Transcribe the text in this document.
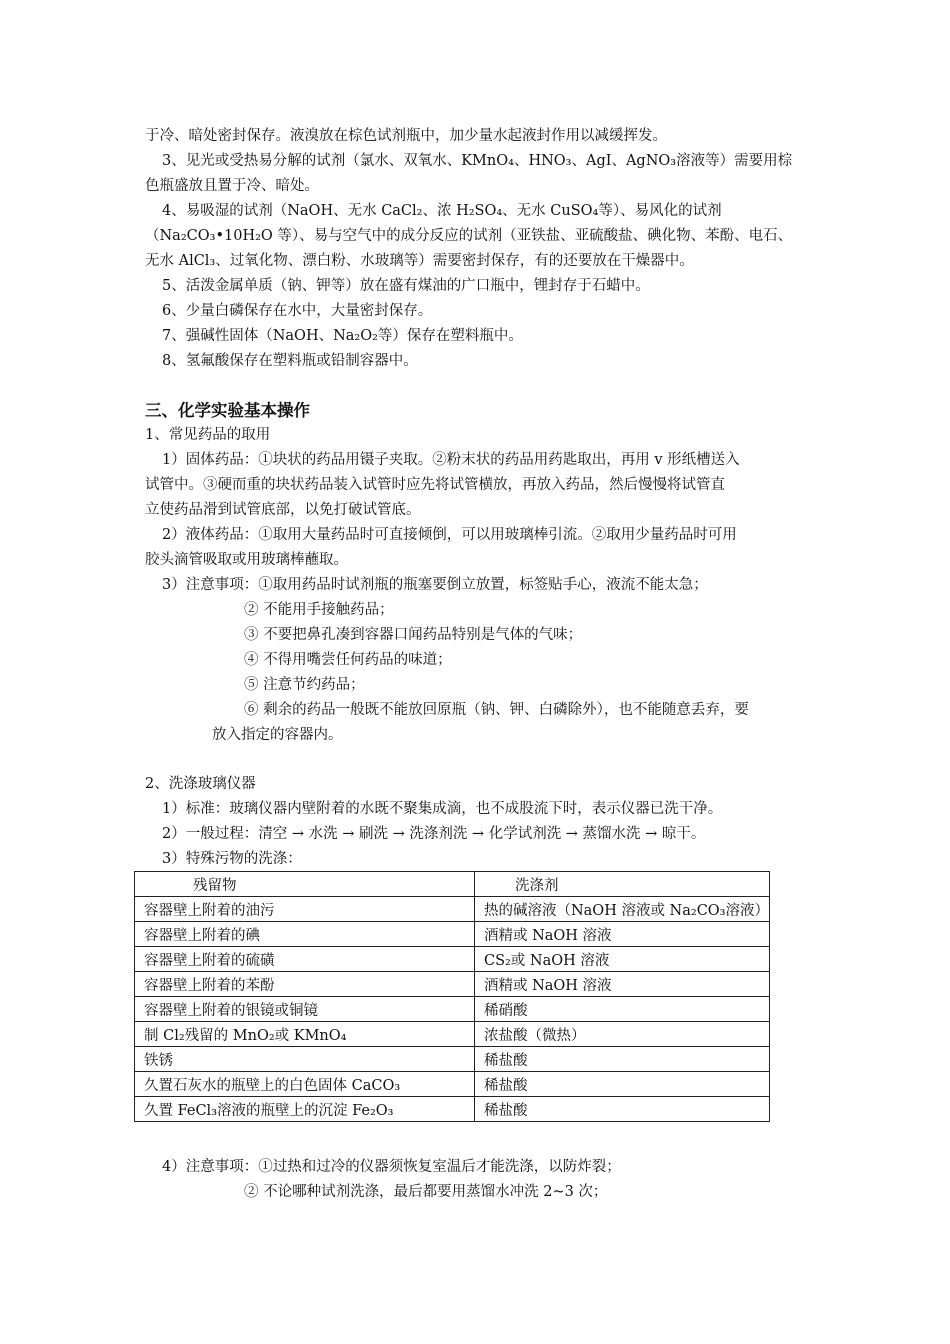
于冷、暗处密封保存。液溴放在棕色试剂瓶中，加少量水起液封作用以减缓挥发。
3、见光或受热易分解的试剂（氯水、双氧水、KMnO₄、HNO₃、AgI、AgNO₃溶液等）需要用棕
色瓶盛放且置于冷、暗处。
4、易吸湿的试剂（NaOH、无水 CaCl₂、浓 H₂SO₄、无水 CuSO₄等）、易风化的试剂
（Na₂CO₃•10H₂O 等）、易与空气中的成分反应的试剂（亚铁盐、亚硫酸盐、碘化物、苯酚、电石、
无水 AlCl₃、过氧化物、漂白粉、水玻璃等）需要密封保存，有的还要放在干燥器中。
5、活泼金属单质（钠、钾等）放在盛有煤油的广口瓶中，锂封存于石蜡中。
6、少量白磷保存在水中，大量密封保存。
7、强碱性固体（NaOH、Na₂O₂等）保存在塑料瓶中。
8、氢氟酸保存在塑料瓶或铅制容器中。
三、化学实验基本操作
1、常见药品的取用
1）固体药品：①块状的药品用镊子夹取。②粉末状的药品用药匙取出，再用 v 形纸槽送入
试管中。③硬而重的块状药品装入试管时应先将试管横放，再放入药品，然后慢慢将试管直
立使药品滑到试管底部，以免打破试管底。
2）液体药品：①取用大量药品时可直接倾倒，可以用玻璃棒引流。②取用少量药品时可用
胶头滴管吸取或用玻璃棒蘸取。
3）注意事项：①取用药品时试剂瓶的瓶塞要倒立放置，标签贴手心，液流不能太急；
② 不能用手接触药品；
③ 不要把鼻孔凑到容器口闻药品特别是气体的气味；
④ 不得用嘴尝任何药品的味道；
⑤ 注意节约药品；
⑥ 剩余的药品一般既不能放回原瓶（钠、钾、白磷除外），也不能随意丢弃，要
放入指定的容器内。
2、洗涤玻璃仪器
1）标准：玻璃仪器内壁附着的水既不聚集成滴，也不成股流下时，表示仪器已洗干净。
2）一般过程：清空 → 水洗 → 刷洗 → 洗涤剂洗 → 化学试剂洗 → 蒸馏水洗 → 晾干。
3）特殊污物的洗涤：
残留物	洗涤剂
容器壁上附着的油污	热的碱溶液（NaOH 溶液或 Na₂CO₃溶液）
容器壁上附着的碘	酒精或 NaOH 溶液
容器壁上附着的硫磺	CS₂或 NaOH 溶液
容器壁上附着的苯酚	酒精或 NaOH 溶液
容器壁上附着的银镜或铜镜	稀硝酸
制 Cl₂残留的 MnO₂或 KMnO₄	浓盐酸（微热）
铁锈	稀盐酸
久置石灰水的瓶壁上的白色固体 CaCO₃	稀盐酸
久置 FeCl₃溶液的瓶壁上的沉淀 Fe₂O₃	稀盐酸
4）注意事项：①过热和过冷的仪器须恢复室温后才能洗涤，以防炸裂；
② 不论哪种试剂洗涤，最后都要用蒸馏水冲洗 2~3 次；
